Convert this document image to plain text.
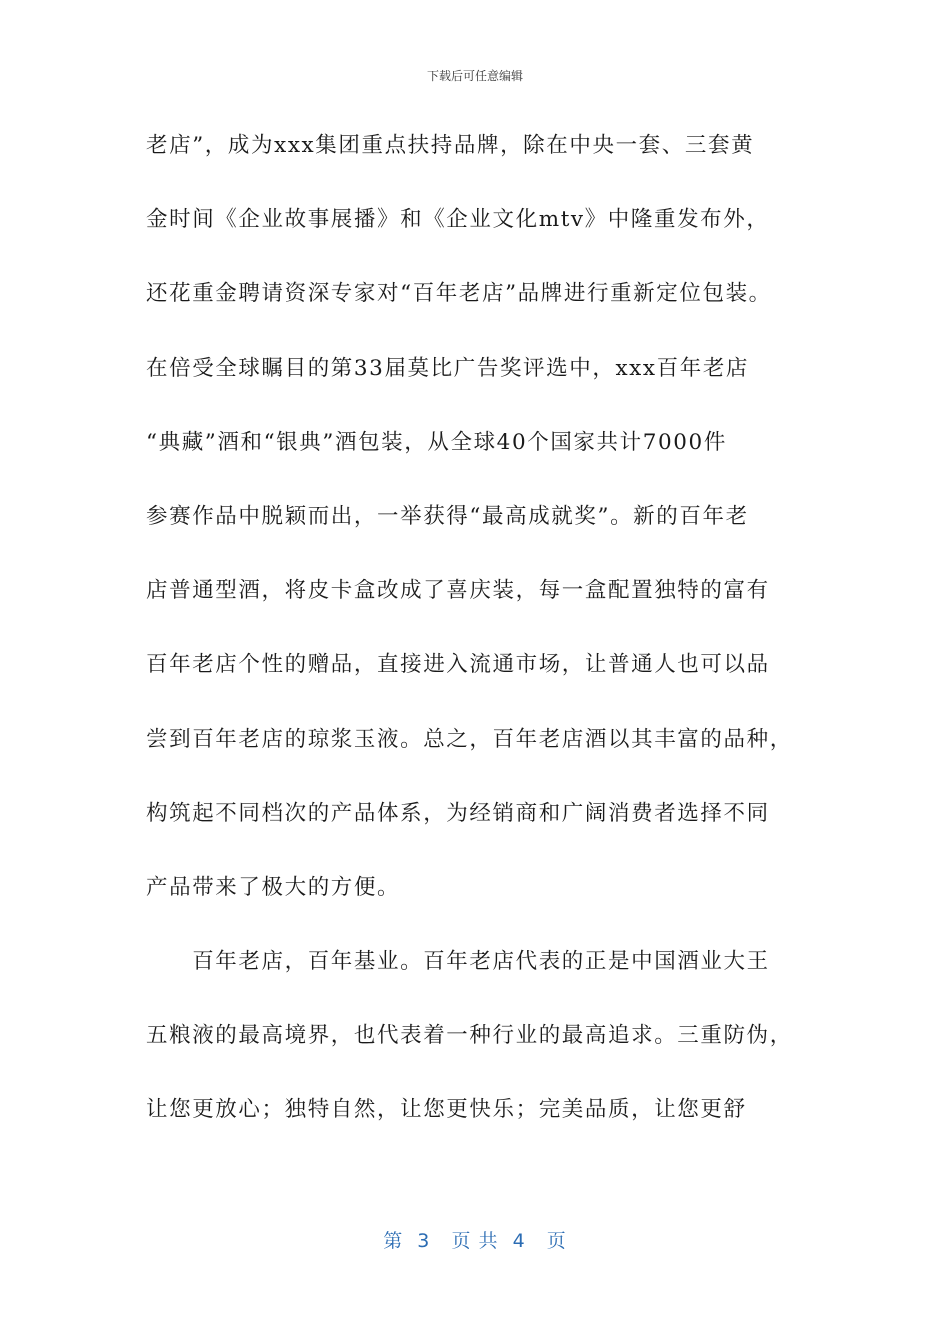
下载后可任意编辑
老店”，成为xxx集团重点扶持品牌，除在中央一套、三套黄
金时间《企业故事展播》和《企业文化mtv》中隆重发布外，
还花重金聘请资深专家对“百年老店”品牌进行重新定位包装。
在倍受全球瞩目的第33届莫比广告奖评选中，xxx百年老店
“典藏”酒和“银典”酒包装，从全球40个国家共计7000件
参赛作品中脱颖而出，一举获得“最高成就奖”。新的百年老
店普通型酒，将皮卡盒改成了喜庆装，每一盒配置独特的富有
百年老店个性的赠品，直接进入流通市场，让普通人也可以品
尝到百年老店的琼浆玉液。总之，百年老店酒以其丰富的品种，
构筑起不同档次的产品体系，为经销商和广阔消费者选择不同
产品带来了极大的方便。
　　百年老店，百年基业。百年老店代表的正是中国酒业大王
五粮液的最高境界，也代表着一种行业的最高追求。三重防伪，
让您更放心；独特自然，让您更快乐；完美品质，让您更舒
第  3   页 共  4   页
